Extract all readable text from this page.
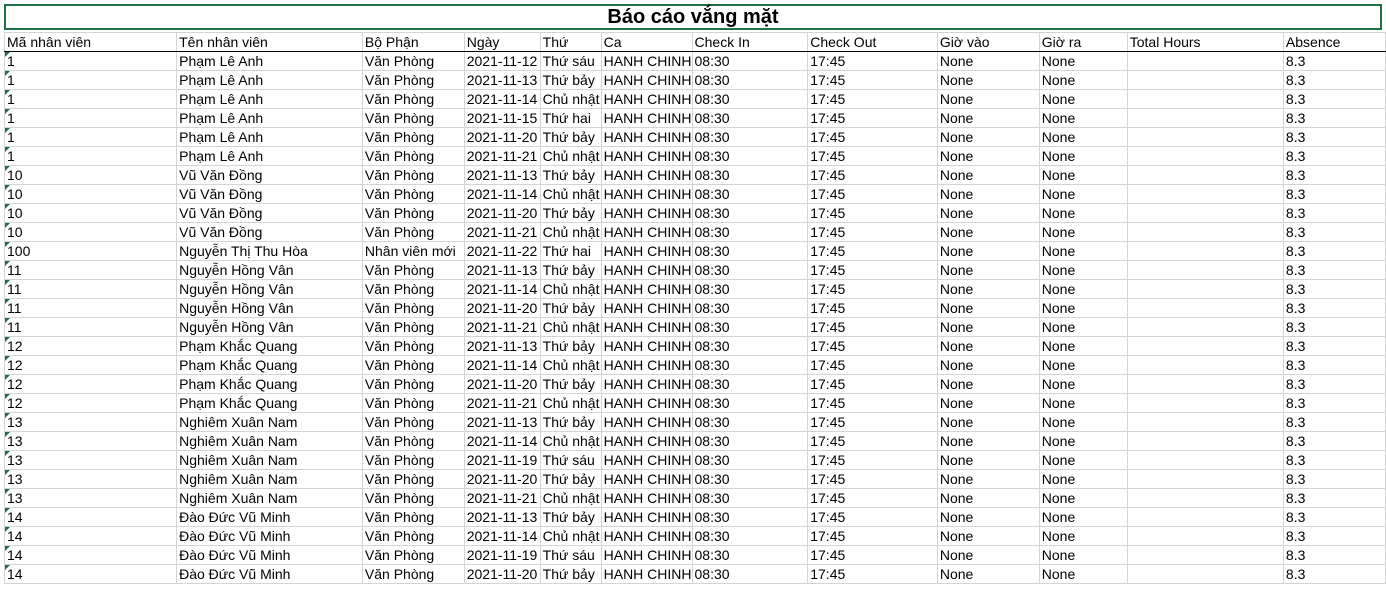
Báo cáo vắng mặt
Mã nhân viên	Tên nhân viên	Bộ Phận	Ngày	Thứ	Ca	Check In	Check Out	Giờ vào	Giờ ra	Total Hours	Absence
1	Phạm Lê Anh	Văn Phòng	2021-11-12	Thứ sáu	HANH CHINH	08:30	17:45	None	None		8.3
1	Phạm Lê Anh	Văn Phòng	2021-11-13	Thứ bảy	HANH CHINH	08:30	17:45	None	None		8.3
1	Phạm Lê Anh	Văn Phòng	2021-11-14	Chủ nhật	HANH CHINH	08:30	17:45	None	None		8.3
1	Phạm Lê Anh	Văn Phòng	2021-11-15	Thứ hai	HANH CHINH	08:30	17:45	None	None		8.3
1	Phạm Lê Anh	Văn Phòng	2021-11-20	Thứ bảy	HANH CHINH	08:30	17:45	None	None		8.3
1	Phạm Lê Anh	Văn Phòng	2021-11-21	Chủ nhật	HANH CHINH	08:30	17:45	None	None		8.3
10	Vũ Văn Đồng	Văn Phòng	2021-11-13	Thứ bảy	HANH CHINH	08:30	17:45	None	None		8.3
10	Vũ Văn Đồng	Văn Phòng	2021-11-14	Chủ nhật	HANH CHINH	08:30	17:45	None	None		8.3
10	Vũ Văn Đồng	Văn Phòng	2021-11-20	Thứ bảy	HANH CHINH	08:30	17:45	None	None		8.3
10	Vũ Văn Đồng	Văn Phòng	2021-11-21	Chủ nhật	HANH CHINH	08:30	17:45	None	None		8.3
100	Nguyễn Thị Thu Hòa	Nhân viên mới	2021-11-22	Thứ hai	HANH CHINH	08:30	17:45	None	None		8.3
11	Nguyễn Hồng Vân	Văn Phòng	2021-11-13	Thứ bảy	HANH CHINH	08:30	17:45	None	None		8.3
11	Nguyễn Hồng Vân	Văn Phòng	2021-11-14	Chủ nhật	HANH CHINH	08:30	17:45	None	None		8.3
11	Nguyễn Hồng Vân	Văn Phòng	2021-11-20	Thứ bảy	HANH CHINH	08:30	17:45	None	None		8.3
11	Nguyễn Hồng Vân	Văn Phòng	2021-11-21	Chủ nhật	HANH CHINH	08:30	17:45	None	None		8.3
12	Phạm Khắc Quang	Văn Phòng	2021-11-13	Thứ bảy	HANH CHINH	08:30	17:45	None	None		8.3
12	Phạm Khắc Quang	Văn Phòng	2021-11-14	Chủ nhật	HANH CHINH	08:30	17:45	None	None		8.3
12	Phạm Khắc Quang	Văn Phòng	2021-11-20	Thứ bảy	HANH CHINH	08:30	17:45	None	None		8.3
12	Phạm Khắc Quang	Văn Phòng	2021-11-21	Chủ nhật	HANH CHINH	08:30	17:45	None	None		8.3
13	Nghiêm Xuân Nam	Văn Phòng	2021-11-13	Thứ bảy	HANH CHINH	08:30	17:45	None	None		8.3
13	Nghiêm Xuân Nam	Văn Phòng	2021-11-14	Chủ nhật	HANH CHINH	08:30	17:45	None	None		8.3
13	Nghiêm Xuân Nam	Văn Phòng	2021-11-19	Thứ sáu	HANH CHINH	08:30	17:45	None	None		8.3
13	Nghiêm Xuân Nam	Văn Phòng	2021-11-20	Thứ bảy	HANH CHINH	08:30	17:45	None	None		8.3
13	Nghiêm Xuân Nam	Văn Phòng	2021-11-21	Chủ nhật	HANH CHINH	08:30	17:45	None	None		8.3
14	Đào Đức Vũ Minh	Văn Phòng	2021-11-13	Thứ bảy	HANH CHINH	08:30	17:45	None	None		8.3
14	Đào Đức Vũ Minh	Văn Phòng	2021-11-14	Chủ nhật	HANH CHINH	08:30	17:45	None	None		8.3
14	Đào Đức Vũ Minh	Văn Phòng	2021-11-19	Thứ sáu	HANH CHINH	08:30	17:45	None	None		8.3
14	Đào Đức Vũ Minh	Văn Phòng	2021-11-20	Thứ bảy	HANH CHINH	08:30	17:45	None	None		8.3
